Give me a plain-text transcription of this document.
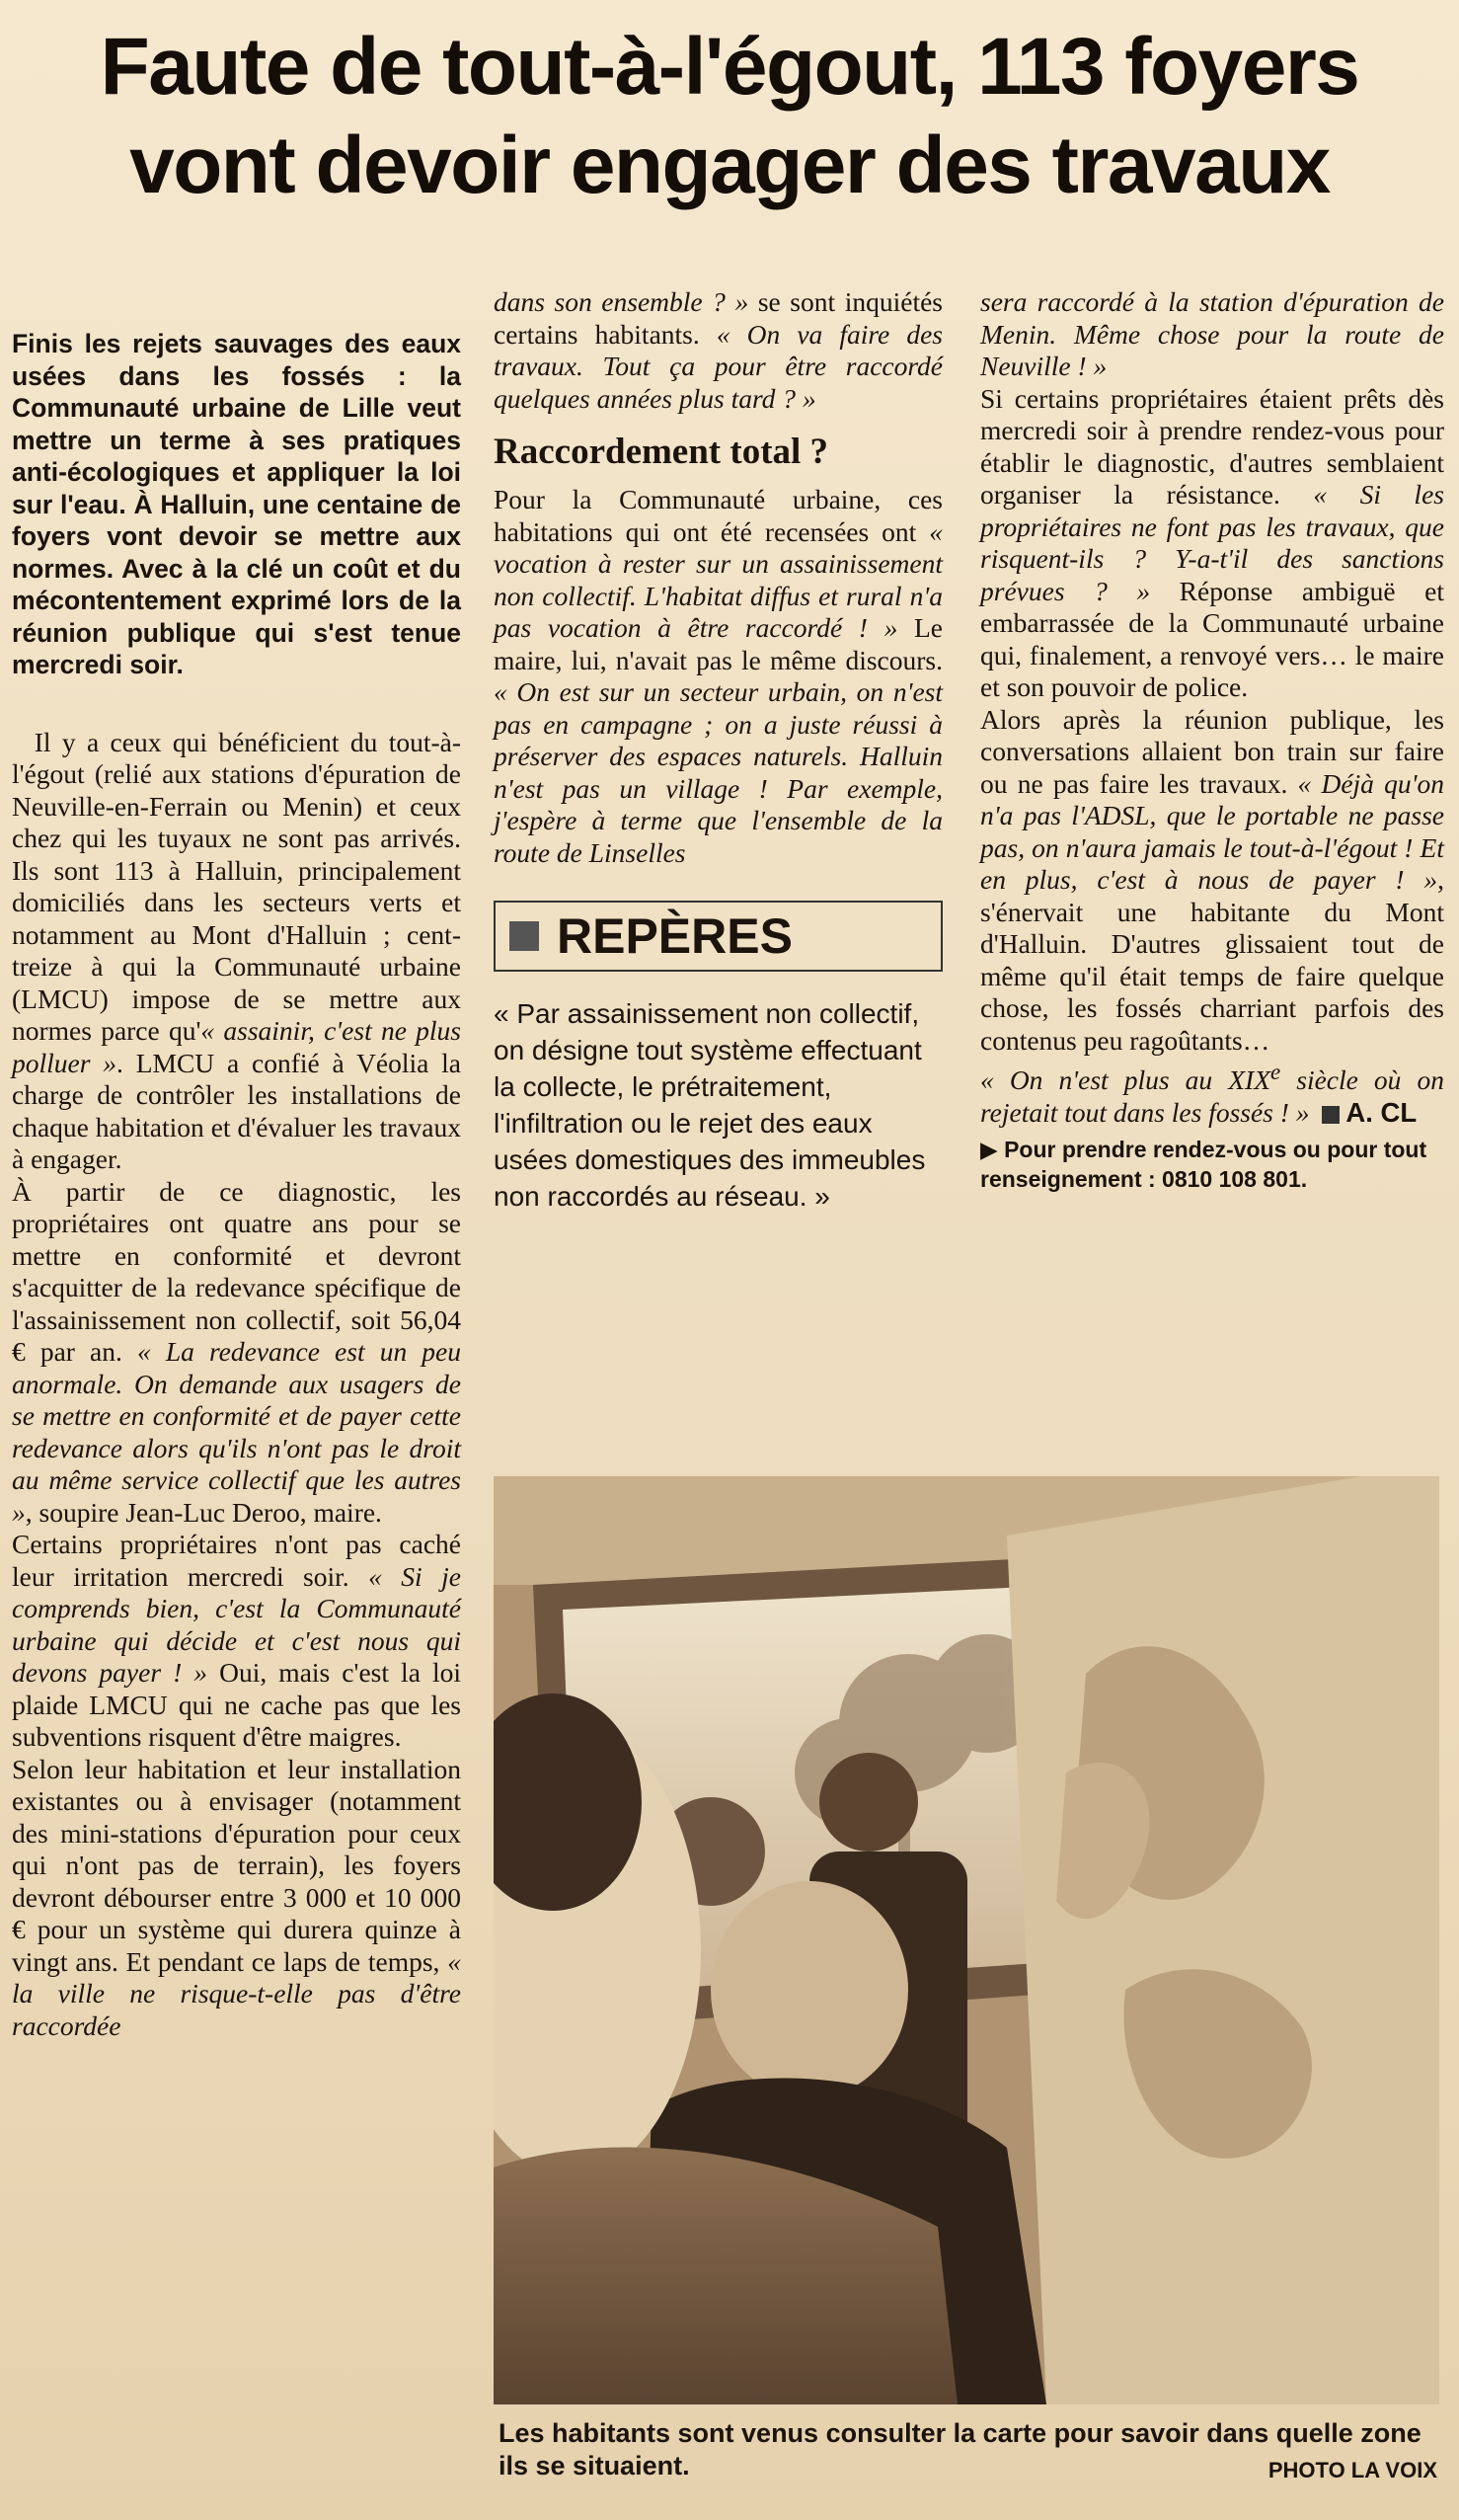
Faute de tout-à-l'égout, 113 foyers
vont devoir engager des travaux

Finis les rejets sauvages des eaux usées dans les fossés : la Communauté urbaine de Lille veut mettre un terme à ses pratiques anti-écologiques et appliquer la loi sur l'eau. À Halluin, une centaine de foyers vont devoir se mettre aux normes. Avec à la clé un coût et du mécontentement exprimé lors de la réunion publique qui s'est tenue mercredi soir.

Il y a ceux qui bénéficient du tout-à-l'égout (relié aux stations d'épuration de Neuville-en-Ferrain ou Menin) et ceux chez qui les tuyaux ne sont pas arrivés. Ils sont 113 à Halluin, principalement domiciliés dans les secteurs verts et notamment au Mont d'Halluin ; cent-treize à qui la Communauté urbaine (LMCU) impose de se mettre aux normes parce qu'« assainir, c'est ne plus polluer ». LMCU a confié à Véolia la charge de contrôler les installations de chaque habitation et d'évaluer les travaux à engager.

À partir de ce diagnostic, les propriétaires ont quatre ans pour se mettre en conformité et devront s'acquitter de la redevance spécifique de l'assainissement non collectif, soit 56,04 € par an. « La redevance est un peu anormale. On demande aux usagers de se mettre en conformité et de payer cette redevance alors qu'ils n'ont pas le droit au même service collectif que les autres », soupire Jean-Luc Deroo, maire.

Certains propriétaires n'ont pas caché leur irritation mercredi soir. « Si je comprends bien, c'est la Communauté urbaine qui décide et c'est nous qui devons payer ! » Oui, mais c'est la loi plaide LMCU qui ne cache pas que les subventions risquent d'être maigres.

Selon leur habitation et leur installation existantes ou à envisager (notamment des mini-stations d'épuration pour ceux qui n'ont pas de terrain), les foyers devront débourser entre 3 000 et 10 000 € pour un système qui durera quinze à vingt ans. Et pendant ce laps de temps, « la ville ne risque-t-elle pas d'être raccordée

dans son ensemble ? » se sont inquiétés certains habitants. « On va faire des travaux. Tout ça pour être raccordé quelques années plus tard ? »

Raccordement total ?

Pour la Communauté urbaine, ces habitations qui ont été recensées ont « vocation à rester sur un assainissement non collectif. L'habitat diffus et rural n'a pas vocation à être raccordé ! » Le maire, lui, n'avait pas le même discours. « On est sur un secteur urbain, on n'est pas en campagne ; on a juste réussi à préserver des espaces naturels. Halluin n'est pas un village ! Par exemple, j'espère à terme que l'ensemble de la route de Linselles

REPÈRES

« Par assainissement non collectif, on désigne tout système effectuant la collecte, le prétraitement, l'infiltration ou le rejet des eaux usées domestiques des immeubles non raccordés au réseau. »

sera raccordé à la station d'épuration de Menin. Même chose pour la route de Neuville ! »

Si certains propriétaires étaient prêts dès mercredi soir à prendre rendez-vous pour établir le diagnostic, d'autres semblaient organiser la résistance. « Si les propriétaires ne font pas les travaux, que risquent-ils ? Y-a-t'il des sanctions prévues ? » Réponse ambiguë et embarrassée de la Communauté urbaine qui, finalement, a renvoyé vers… le maire et son pouvoir de police.

Alors après la réunion publique, les conversations allaient bon train sur faire ou ne pas faire les travaux. « Déjà qu'on n'a pas l'ADSL, que le portable ne passe pas, on n'aura jamais le tout-à-l'égout ! Et en plus, c'est à nous de payer ! », s'énervait une habitante du Mont d'Halluin. D'autres glissaient tout de même qu'il était temps de faire quelque chose, les fossés charriant parfois des contenus peu ragoûtants…

« On n'est plus au XIXe siècle où on rejetait tout dans les fossés ! » A. CL

▶ Pour prendre rendez-vous ou pour tout renseignement : 0810 108 801.

Les habitants sont venus consulter la carte pour savoir dans quelle zone ils se situaient.	PHOTO LA VOIX
